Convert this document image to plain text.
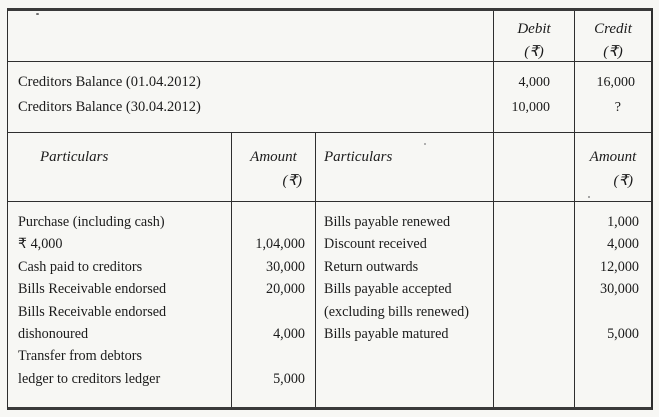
Debit
(₹)
Credit
(₹)
Creditors Balance (01.04.2012)
Creditors Balance (30.04.2012)
4,000
10,000
16,000
?
Particulars	Amount
(₹)
Particulars	Amount
(₹)
Purchase (including cash)
₹ 4,000
Cash paid to creditors
Bills Receivable endorsed
Bills Receivable endorsed
dishonoured
Transfer from debtors
ledger to creditors ledger
1,04,000
30,000
20,000
4,000
5,000
Bills payable renewed
Discount received
Return outwards
Bills payable accepted
(excluding bills renewed)
Bills payable matured
1,000
4,000
12,000
30,000
5,000
